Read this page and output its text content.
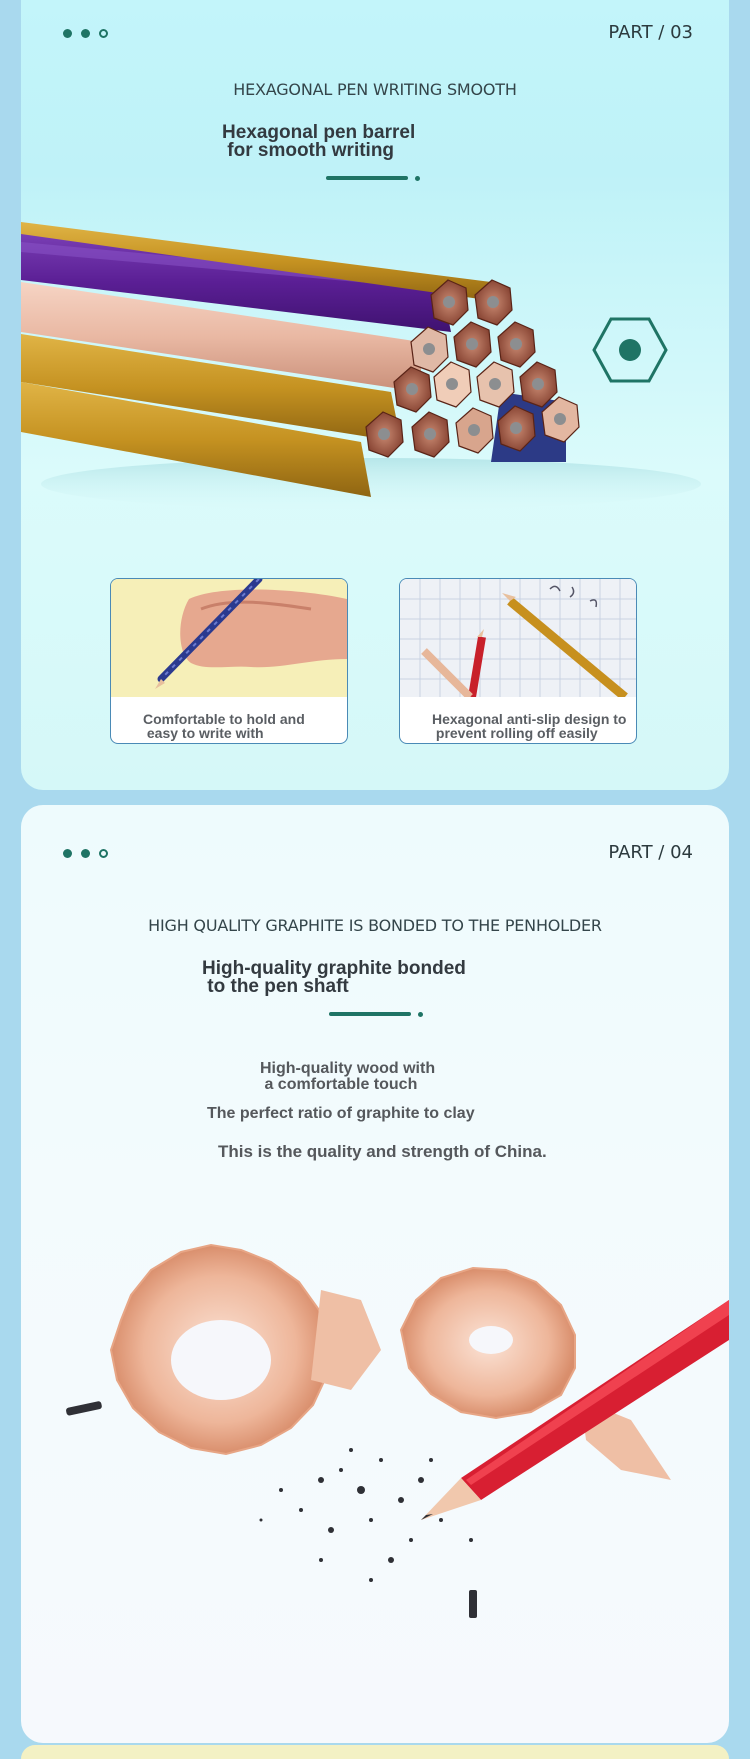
PART / 03
HEXAGONAL PEN WRITING SMOOTH
Hexagonal pen barrel
for smooth writing
Comfortable to hold and
easy to write with
Hexagonal anti-slip design to
prevent rolling off easily
PART / 04
HIGH QUALITY GRAPHITE IS BONDED TO THE PENHOLDER
High-quality graphite bonded
to the pen shaft
High-quality wood with
a comfortable touch
The perfect ratio of graphite to clay
This is the quality and strength of China.
